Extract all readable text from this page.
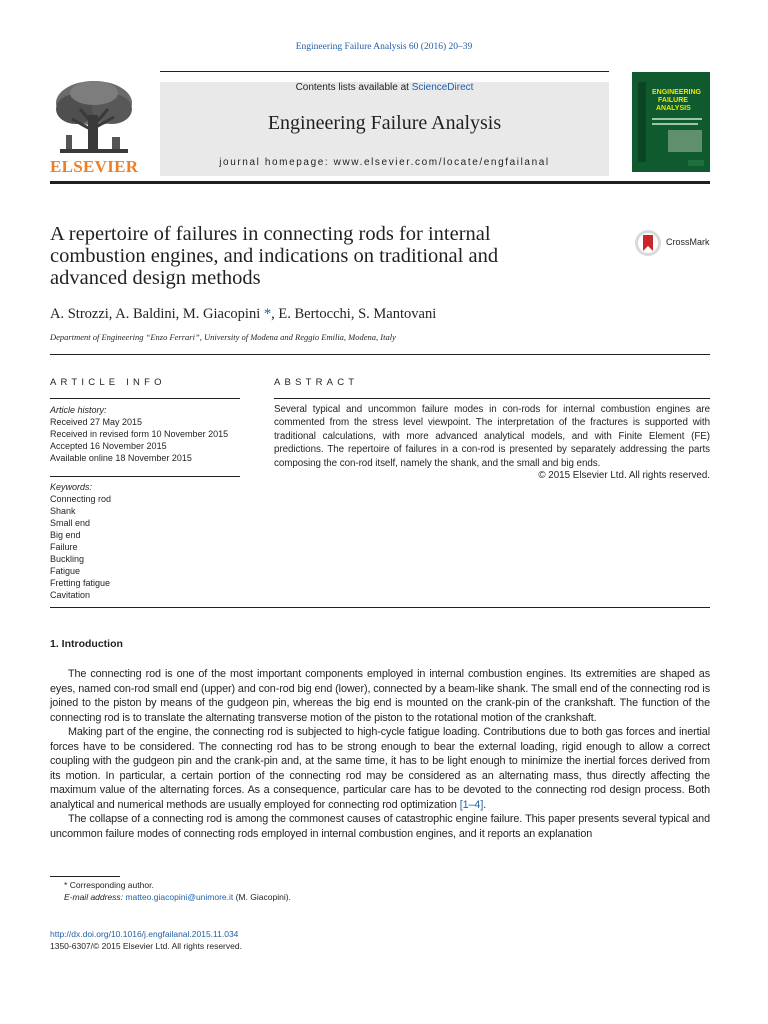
Engineering Failure Analysis 60 (2016) 20–39
ELSEVIER
Contents lists available at ScienceDirect
Engineering Failure Analysis
journal homepage: www.elsevier.com/locate/engfailanal
ENGINEERING
FAILURE
ANALYSIS
A repertoire of failures in connecting rods for internal combustion engines, and indications on traditional and advanced design methods
CrossMark
A. Strozzi, A. Baldini, M. Giacopini *, E. Bertocchi, S. Mantovani
Department of Engineering “Enzo Ferrari”, University of Modena and Reggio Emilia, Modena, Italy
ARTICLE INFO	ABSTRACT
Article history:
Received 27 May 2015
Received in revised form 10 November 2015
Accepted 16 November 2015
Available online 18 November 2015
Keywords:
Connecting rod
Shank
Small end
Big end
Failure
Buckling
Fatigue
Fretting fatigue
Cavitation

Several typical and uncommon failure modes in con-rods for internal combustion engines are commented from the stress level viewpoint. The interpretation of the fractures is supported with traditional calculations, with more advanced analytical models, and with Finite Element (FE) predictions. The repertoire of failures in a con-rod is presented by separately addressing the parts composing the con-rod itself, namely the shank, and the small and big ends.

© 2015 Elsevier Ltd. All rights reserved.
1. Introduction

The connecting rod is one of the most important components employed in internal combustion engines. Its extremities are shaped as eyes, named con-rod small end (upper) and con-rod big end (lower), connected by a beam-like shank. The small end of the connecting rod is joined to the piston by means of the gudgeon pin, whereas the big end is mounted on the crank-pin of the crankshaft. The function of the connecting rod is to translate the alternating transverse motion of the piston to the rotational motion of the crankshaft.

Making part of the engine, the connecting rod is subjected to high-cycle fatigue loading. Contributions due to both gas forces and inertial forces have to be considered. The connecting rod has to be strong enough to bear the external loading, rigid enough to allow a correct coupling with the gudgeon pin and the crank-pin and, at the same time, it has to be light enough to minimize the inertial forces derived from its motion. In particular, a certain portion of the connecting rod may be considered as an alternating mass, thus directly affecting the maximum value of the alternating forces. As a consequence, particular care has to be devoted to the connecting rod design process. Both analytical and numerical methods are usually employed for connecting rod optimization [1–4].

The collapse of a connecting rod is among the commonest causes of catastrophic engine failure. This paper presents several typical and uncommon failure modes of connecting rods employed in internal combustion engines, and it reports an explanation

* Corresponding author.
E-mail address: matteo.giacopini@unimore.it (M. Giacopini).
http://dx.doi.org/10.1016/j.engfailanal.2015.11.034
1350-6307/© 2015 Elsevier Ltd. All rights reserved.
